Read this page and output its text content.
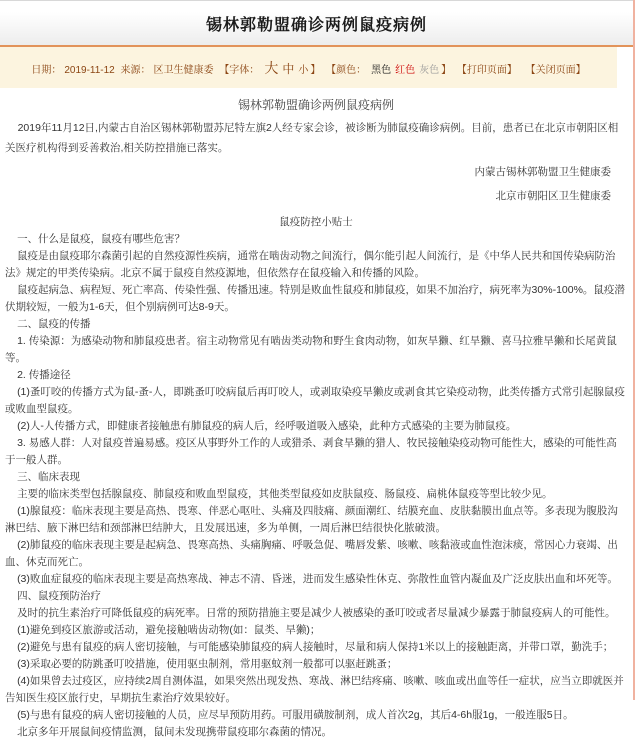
锡林郭勒盟确诊两例鼠疫病例
日期： 2019-11-12 来源： 区卫生健康委 【字体： 大 中 小 】 【颜色： 黑色 红色 灰色 】 【打印页面】 【关闭页面】
锡林郭勒盟确诊两例鼠疫病例

2019年11月12日,内蒙古自治区锡林郭勒盟苏尼特左旗2人经专家会诊，被诊断为肺鼠疫确诊病例。目前，患者已在北京市朝阳区相关医疗机构得到妥善救治,相关防控措施已落实。

内蒙古锡林郭勒盟卫生健康委
北京市朝阳区卫生健康委
鼠疫防控小贴士

一、什么是鼠疫，鼠疫有哪些危害？

鼠疫是由鼠疫耶尔森菌引起的自然疫源性疾病，通常在啮齿动物之间流行，偶尔能引起人间流行，是《中华人民共和国传染病防治法》规定的甲类传染病。北京不属于鼠疫自然疫源地，但依然存在鼠疫输入和传播的风险。

鼠疫起病急、病程短、死亡率高、传染性强、传播迅速。特别是败血性鼠疫和肺鼠疫，如果不加治疗，病死率为30%-100%。鼠疫潜伏期较短，一般为1-6天，但个别病例可达8-9天。

二、鼠疫的传播

1. 传染源：为感染动物和肺鼠疫患者。宿主动物常见有啮齿类动物和野生食肉动物，如灰旱獭、红旱獭、喜马拉雅旱獭和长尾黄鼠等。

2. 传播途径

(1)蚤叮咬的传播方式为鼠-蚤-人，即跳蚤叮咬病鼠后再叮咬人，或剥取染疫旱獭皮或剥食其它染疫动物，此类传播方式常引起腺鼠疫或败血型鼠疫。

(2)人-人传播方式，即健康者接触患有肺鼠疫的病人后，经呼吸道吸入感染，此种方式感染的主要为肺鼠疫。

3. 易感人群：人对鼠疫普遍易感。疫区从事野外工作的人或猎杀、剥食旱獭的猎人、牧民接触染疫动物可能性大，感染的可能性高于一般人群。

三、临床表现

主要的临床类型包括腺鼠疫、肺鼠疫和败血型鼠疫，其他类型鼠疫如皮肤鼠疫、肠鼠疫、扁桃体鼠疫等型比较少见。

(1)腺鼠疫：临床表现主要是高热、畏寒、伴恶心呕吐、头痛及四肢痛、颜面潮红、结膜充血、皮肤黏膜出血点等。多表现为腹股沟淋巴结、腋下淋巴结和颈部淋巴结肿大，且发展迅速，多为单侧，一周后淋巴结很快化脓破溃。

(2)肺鼠疫的临床表现主要是起病急、畏寒高热、头痛胸痛、呼吸急促、嘴唇发紫、咳嗽、咳黏液或血性泡沫痰，常因心力衰竭、出血、休克而死亡。

(3)败血症鼠疫的临床表现主要是高热寒战、神志不清、昏迷，进而发生感染性休克、弥散性血管内凝血及广泛皮肤出血和坏死等。

四、鼠疫预防治疗

及时的抗生素治疗可降低鼠疫的病死率。日常的预防措施主要是减少人被感染的蚤叮咬或者尽量减少暴露于肺鼠疫病人的可能性。

(1)避免到疫区旅游或活动，避免接触啮齿动物(如：鼠类、旱獭)；

(2)避免与患有鼠疫的病人密切接触，与可能感染肺鼠疫的病人接触时，尽量和病人保持1米以上的接触距离，并带口罩，勤洗手；

(3)采取必要的防跳蚤叮咬措施，使用驱虫制剂，常用驱蚊剂一般都可以驱赶跳蚤；

(4)如果曾去过疫区，应持续2周自测体温，如果突然出现发热、寒战、淋巴结疼痛、咳嗽、咳血或出血等任一症状，应当立即就医并告知医生疫区旅行史，早期抗生素治疗效果较好。

(5)与患有鼠疫的病人密切接触的人员，应尽早预防用药。可服用磺胺制剂，成人首次2g，其后4-6h服1g，一般连服5日。

北京多年开展鼠间疫情监测，鼠间未发现携带鼠疫耶尔森菌的情况。
